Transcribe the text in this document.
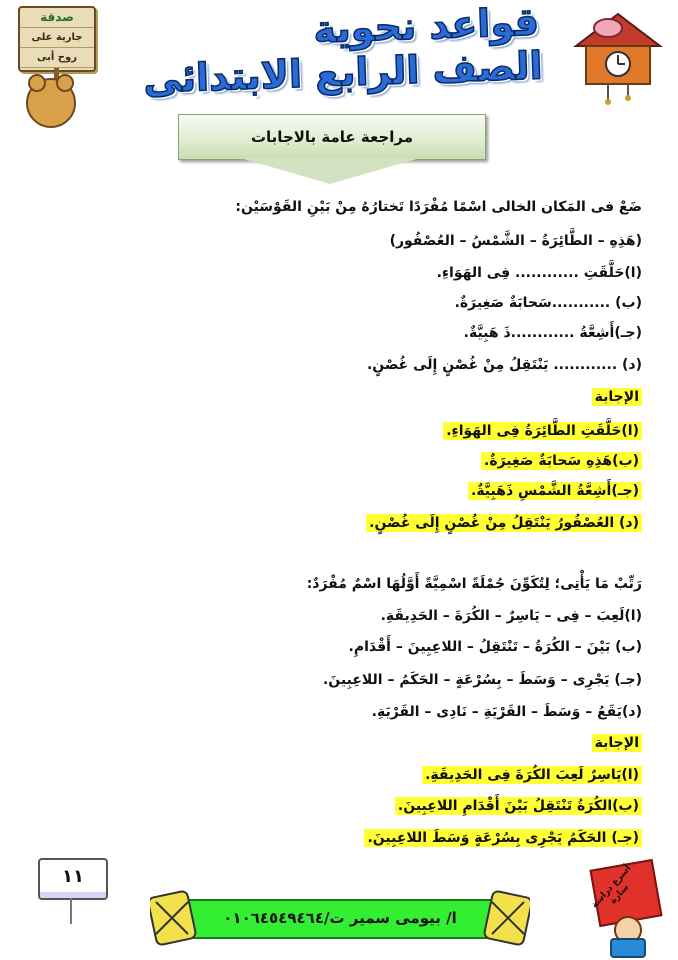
صدقة
جارية على
روح أبى
قواعد نحوية
الصف الرابع الابتدائى
مراجعة عامة بالاجابات
ضَعْ فى المَكان الخالى اسْمًا مُفْرَدًا تَختارُهُ مِنْ بَيْنِ القَوْسَيْن:
(هَذِهِ – الطَّائِرَةُ – الشَّمْسُ – العُصْفُور)
(ا)حَلَّقَتِ ............ فِى الهَوَاءِ.
(ب) ...........سَحابَةٌ صَغِيرَةٌ.
(جـ)أَشِعَّةُ ............ذَ هَبِيَّةٌ.
(د) ............ يَنْتَقِلُ مِنْ غُصْنٍ إِلَى غُصْنٍ.
الإجابة
(ا)حَلَّقَتِ الطَّائِرَةُ فِى الهَوَاءِ.
(ب)هَذِهِ سَحابَةٌ صَغِيرَةٌ.
(جـ)أَشِعَّةُ الشَّمْسِ ذَهَبِيَّةٌ.
(د) العُصْفُورُ يَنْتَقِلُ مِنْ غُصْنٍ إِلَى غُصْنٍ.
رَتِّبْ مَا يَأْتِى؛ لِتُكَوِّنَ جُمْلَةً اسْمِيَّةً أَوَّلُهَا اسْمٌ مُفْرَدٌ:
(ا)لَعِبَ – فِى – يَاسِرٌ – الكُرَةَ – الحَدِيقَةِ.
(ب) بَيْنَ – الكُرَةُ – تَنْتَقِلُ – اللاعِبِينَ – أَقْدَامِ.
(جـ) يَجْرِى – وَسَطَ – بِسُرْعَةٍ – الحَكَمُ – اللاعِبِينَ.
(د)يَقَعُ – وَسَطَ – القَرْيَةِ – نَادِى – القَرْيَةِ.
الإجابة
(ا)يَاسِرٌ لَعِبَ الكُرَةَ فِى الحَدِيقَةِ.
(ب)الكُرَةُ تَنْتَقِلُ بَيْنَ أَقْدَامِ اللاعِبِينَ.
(جـ) الحَكَمُ يَجْرِى بِسُرْعَةٍ وَسَطَ اللاعِبِينَ.
١١
ا/ بيومى سمير ت/٠١٠٦٤٥٤٩٤٦٤
أسرع دراسة سارة
